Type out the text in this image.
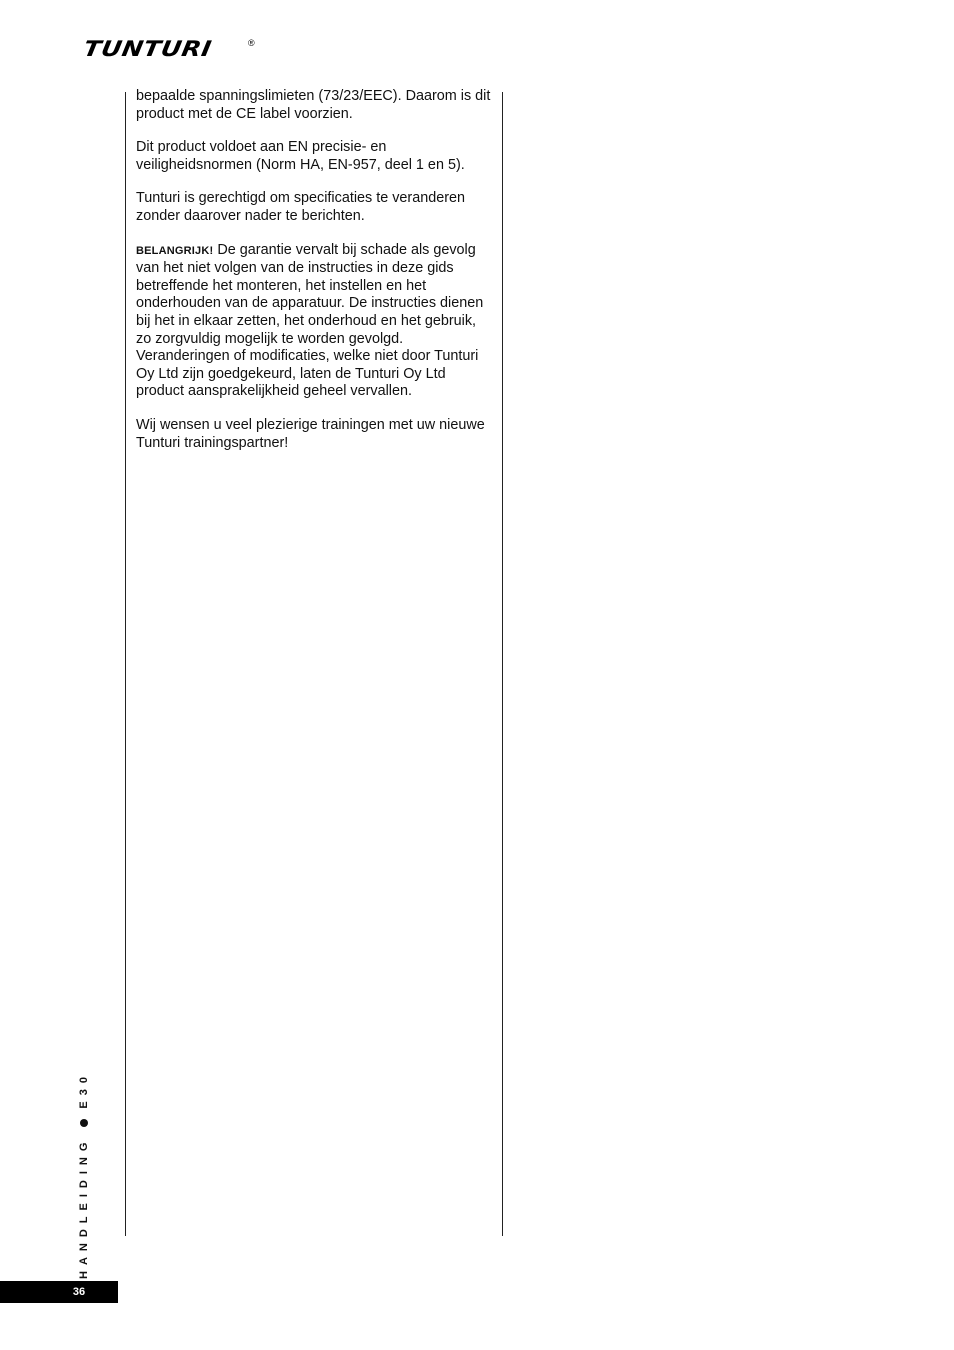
TUNTURI	®

bepaalde spanningslimieten (73/23/EEC). Daarom is dit product met de CE label voorzien.

Dit product voldoet aan EN precisie- en veiligheidsnormen (Norm HA, EN-957, deel 1 en 5).

Tunturi is gerechtigd om specificaties te veranderen zonder daarover nader te berichten.

BELANGRIJK! De garantie vervalt bij schade als gevolg van het niet volgen van de instructies in deze gids betreffende het monteren, het instellen en het onderhouden van de apparatuur. De instructies dienen bij het in elkaar zetten, het onderhoud en het gebruik, zo zorgvuldig mogelijk te worden gevolgd. Veranderingen of modificaties, welke niet door Tunturi Oy Ltd zijn goedgekeurd, laten de Tunturi Oy Ltd product aansprakelijkheid geheel vervallen.

Wij wensen u veel plezierige trainingen met uw nieuwe Tunturi trainingspartner!

HANDLEIDING
E30
36
